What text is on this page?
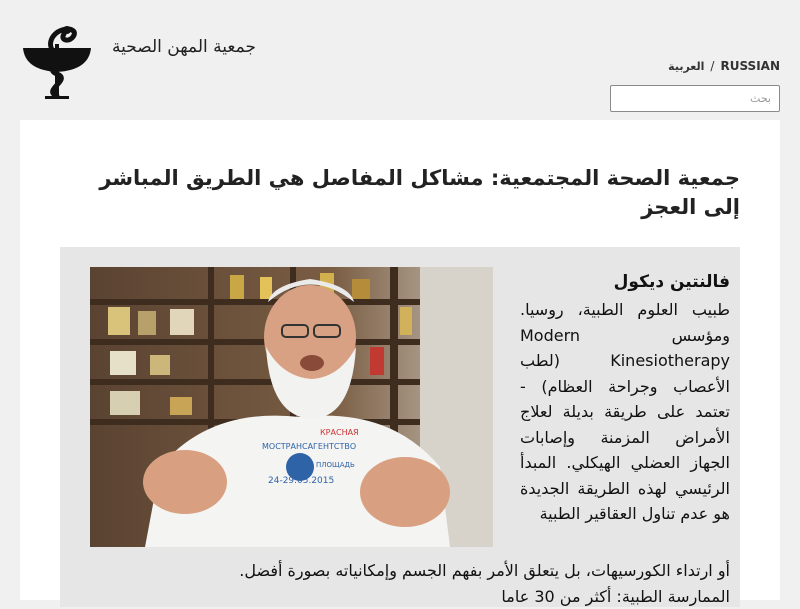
جمعية المهن الصحية
العربية / RUSSIAN
بحث
جمعية الصحة المجتمعية: مشاكل المفاصل هي الطريق المباشر إلى العجز
КРАСНАЯ
МОСТРАНСАГЕНТСТВО
ПЛОЩАДЬ
24-29.05.2015
فالنتين ديكول

طبيب العلوم الطبية، روسيا. ومؤسس Modern Kinesiotherapy (لطب الأعصاب وجراحة العظام) - تعتمد على طريقة بديلة لعلاج الأمراض المزمنة وإصابات الجهاز العضلي الهيكلي. المبدأ الرئيسي لهذه الطريقة الجديدة هو عدم تناول العقاقير الطبية

أو ارتداء الكورسيهات، بل يتعلق الأمر بفهم الجسم وإمكانياته بصورة أفضل.
الممارسة الطبية: أكثر من 30 عاما
